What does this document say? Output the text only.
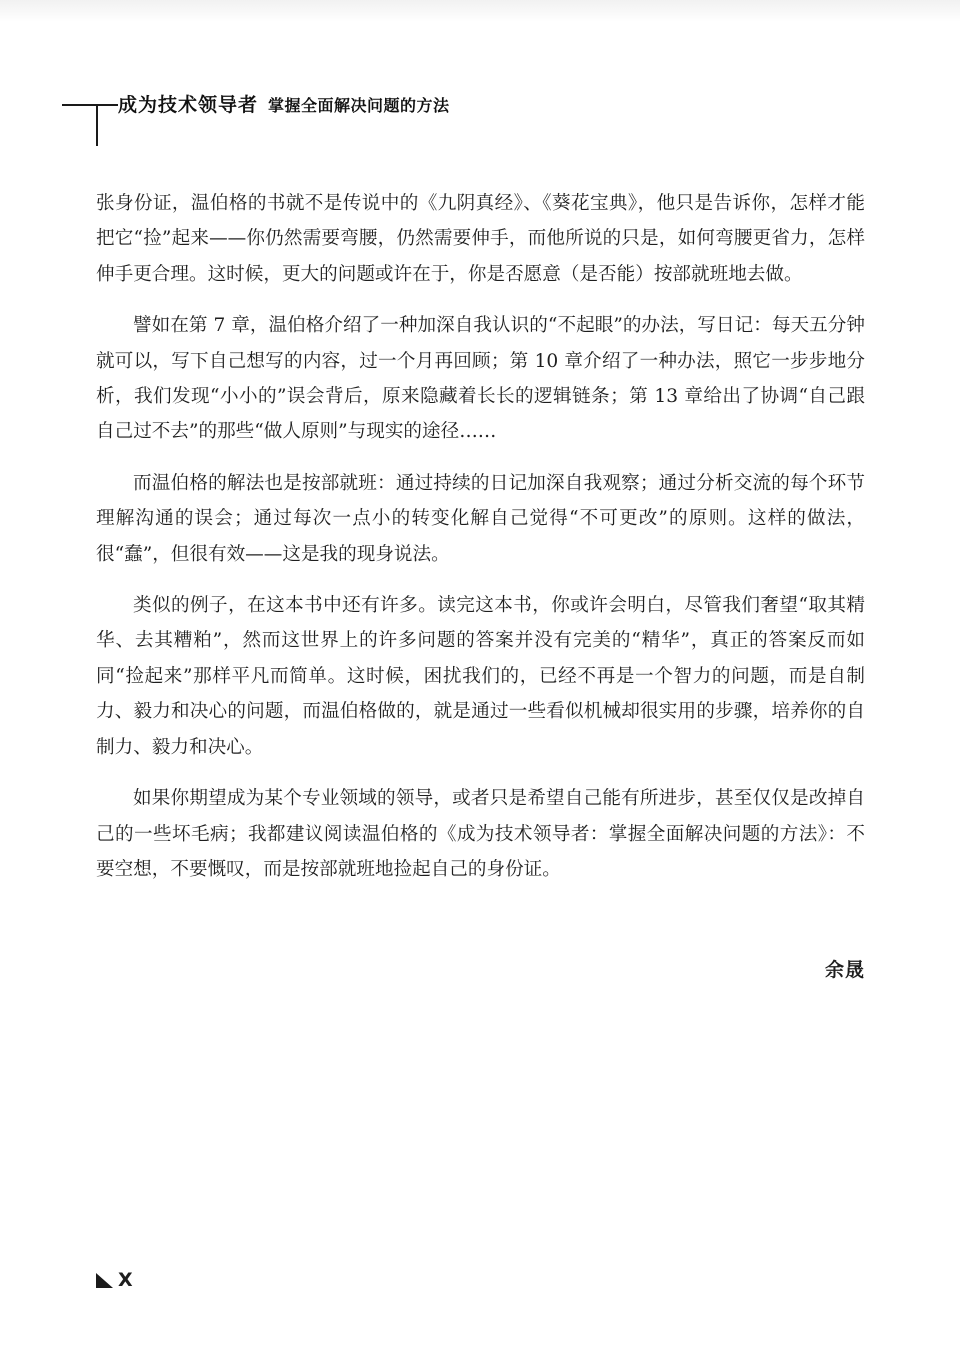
成为技术领导者 掌握全面解决问题的方法

张身份证，温伯格的书就不是传说中的《九阴真经》、《葵花宝典》，他只是告诉你，怎样才能把它“捡”起来——你仍然需要弯腰，仍然需要伸手，而他所说的只是，如何弯腰更省力，怎样伸手更合理。这时候，更大的问题或许在于，你是否愿意（是否能）按部就班地去做。

譬如在第 7 章，温伯格介绍了一种加深自我认识的“不起眼”的办法，写日记：每天五分钟就可以，写下自己想写的内容，过一个月再回顾；第 10 章介绍了一种办法，照它一步步地分析，我们发现“小小的”误会背后，原来隐藏着长长的逻辑链条；第 13 章给出了协调“自己跟自己过不去”的那些“做人原则”与现实的途径……

而温伯格的解法也是按部就班：通过持续的日记加深自我观察；通过分析交流的每个环节理解沟通的误会；通过每次一点小的转变化解自己觉得“不可更改”的原则。这样的做法，很“蠢”，但很有效——这是我的现身说法。

类似的例子，在这本书中还有许多。读完这本书，你或许会明白，尽管我们奢望“取其精华、去其糟粕”，然而这世界上的许多问题的答案并没有完美的“精华”，真正的答案反而如同“捡起来”那样平凡而简单。这时候，困扰我们的，已经不再是一个智力的问题，而是自制力、毅力和决心的问题，而温伯格做的，就是通过一些看似机械却很实用的步骤，培养你的自制力、毅力和决心。

如果你期望成为某个专业领域的领导，或者只是希望自己能有所进步，甚至仅仅是改掉自己的一些坏毛病；我都建议阅读温伯格的《成为技术领导者：掌握全面解决问题的方法》：不要空想，不要慨叹，而是按部就班地捡起自己的身份证。

余晟
X
